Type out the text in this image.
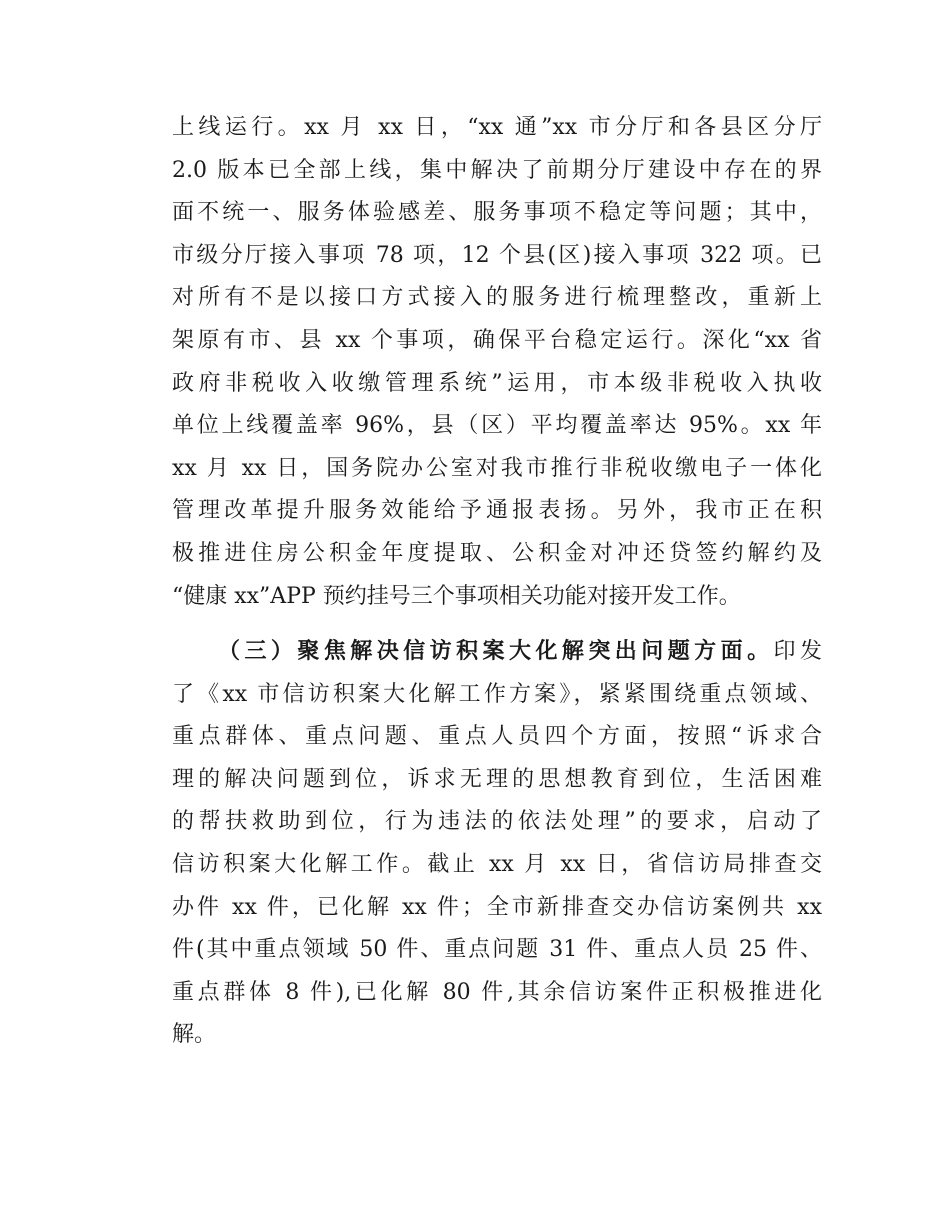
上线运行。xx 月 xx 日，“xx 通”xx 市分厅和各县区分厅
2.0 版本已全部上线，集中解决了前期分厅建设中存在的界
面不统一、服务体验感差、服务事项不稳定等问题；其中，
市级分厅接入事项 78 项，12 个县(区)接入事项 322 项。已
对所有不是以接口方式接入的服务进行梳理整改，重新上
架原有市、县 xx 个事项，确保平台稳定运行。深化“xx 省
政府非税收入收缴管理系统”运用，市本级非税收入执收
单位上线覆盖率 96%，县（区）平均覆盖率达 95%。xx 年
xx 月 xx 日，国务院办公室对我市推行非税收缴电子一体化
管理改革提升服务效能给予通报表扬。另外，我市正在积
极推进住房公积金年度提取、公积金对冲还贷签约解约及
“健康 xx”APP 预约挂号三个事项相关功能对接开发工作。
（三）聚焦解决信访积案大化解突出问题方面。印发
了《xx 市信访积案大化解工作方案》，紧紧围绕重点领域、
重点群体、重点问题、重点人员四个方面，按照“诉求合
理的解决问题到位，诉求无理的思想教育到位，生活困难
的帮扶救助到位，行为违法的依法处理”的要求，启动了
信访积案大化解工作。截止 xx 月 xx 日，省信访局排查交
办件 xx 件，已化解 xx 件；全市新排查交办信访案例共 xx
件(其中重点领域 50 件、重点问题 31 件、重点人员 25 件、
重点群体 8 件),已化解 80 件,其余信访案件正积极推进化
解。
